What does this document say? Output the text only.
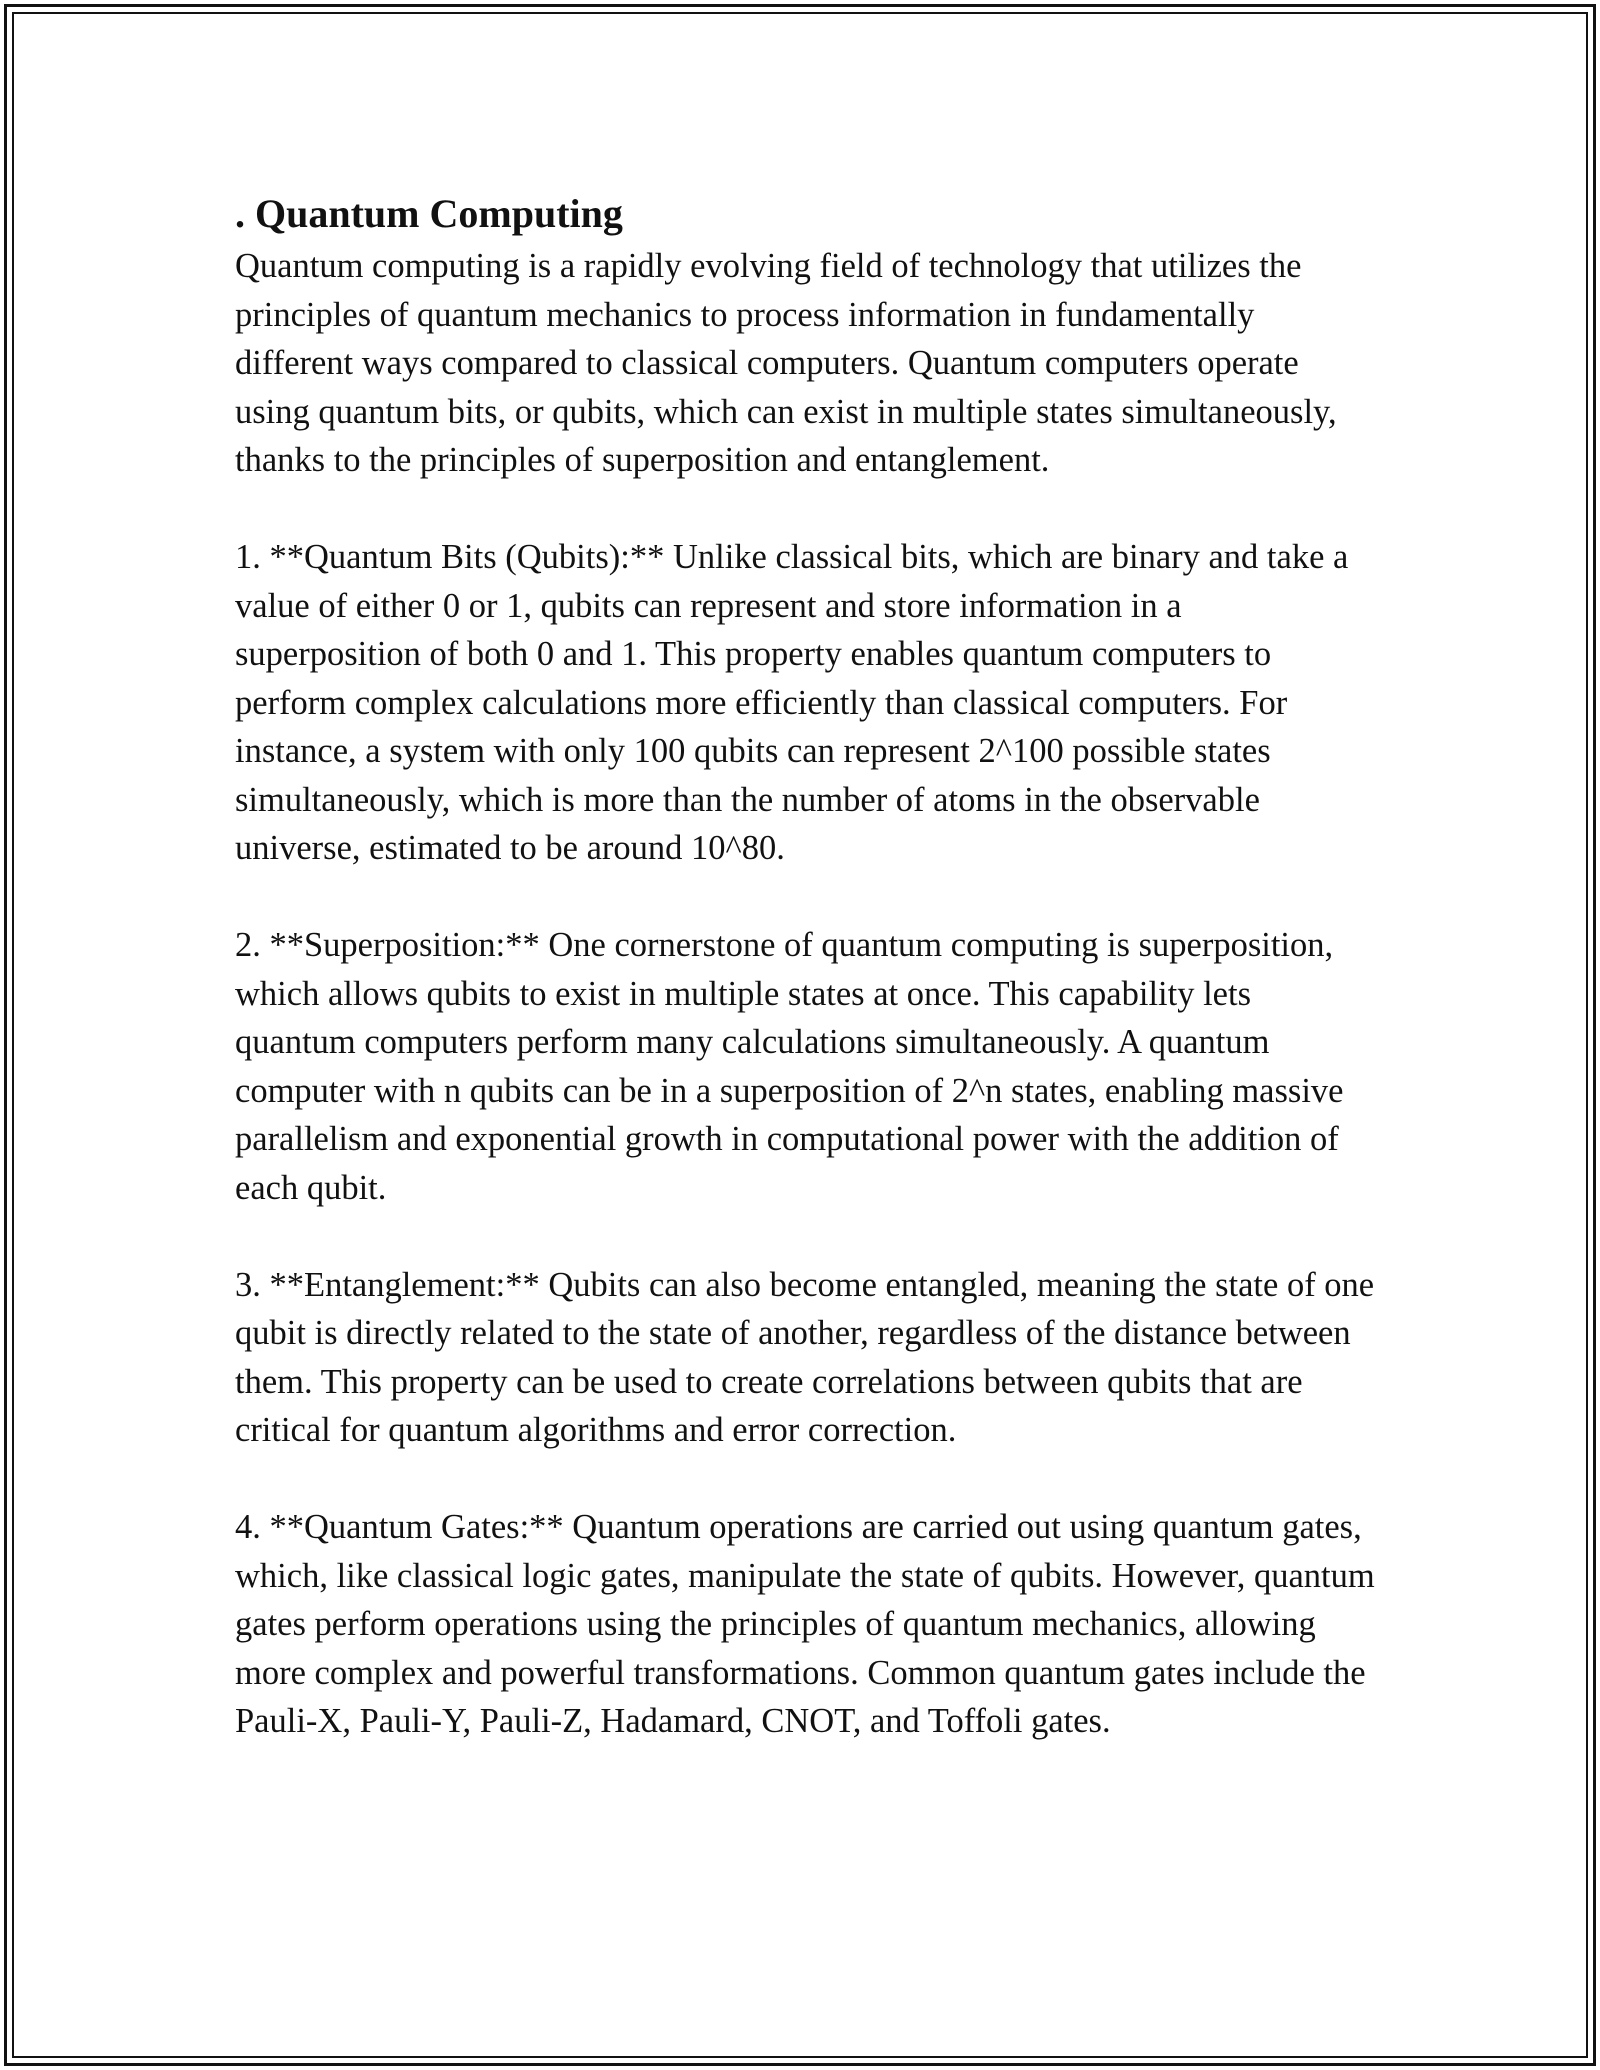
. Quantum Computing

Quantum computing is a rapidly evolving field of technology that utilizes the principles of quantum mechanics to process information in fundamentally different ways compared to classical computers. Quantum computers operate using quantum bits, or qubits, which can exist in multiple states simultaneously, thanks to the principles of superposition and entanglement.

1. **Quantum Bits (Qubits):** Unlike classical bits, which are binary and take a value of either 0 or 1, qubits can represent and store information in a superposition of both 0 and 1. This property enables quantum computers to perform complex calculations more efficiently than classical computers. For instance, a system with only 100 qubits can represent 2^100 possible states simultaneously, which is more than the number of atoms in the observable universe, estimated to be around 10^80.

2. **Superposition:** One cornerstone of quantum computing is superposition, which allows qubits to exist in multiple states at once. This capability lets quantum computers perform many calculations simultaneously. A quantum computer with n qubits can be in a superposition of 2^n states, enabling massive parallelism and exponential growth in computational power with the addition of each qubit.

3. **Entanglement:** Qubits can also become entangled, meaning the state of one qubit is directly related to the state of another, regardless of the distance between them. This property can be used to create correlations between qubits that are critical for quantum algorithms and error correction.

4. **Quantum Gates:** Quantum operations are carried out using quantum gates, which, like classical logic gates, manipulate the state of qubits. However, quantum gates perform operations using the principles of quantum mechanics, allowing more complex and powerful transformations. Common quantum gates include the Pauli-X, Pauli-Y, Pauli-Z, Hadamard, CNOT, and Toffoli gates.
